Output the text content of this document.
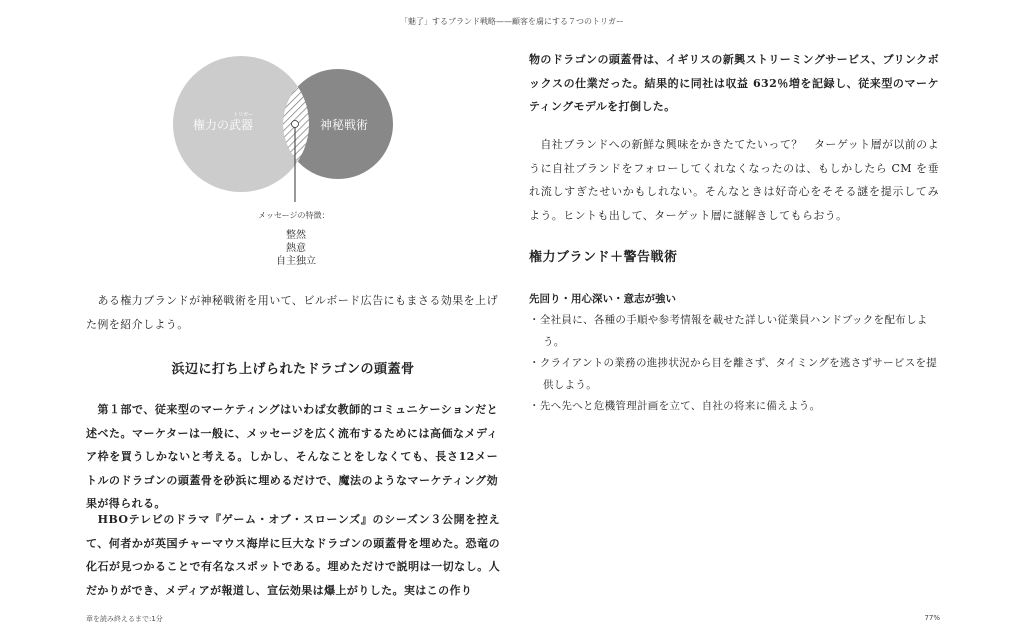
「魅了」するブランド戦略——顧客を虜にする７つのトリガー
トリガー
権力の武器	神秘戦術
メッセージの特徴：
整然
熱意
自主独立

　ある権力ブランドが神秘戦術を用いて、ビルボード広告にもまさる効果を上げた例を紹介しよう。

浜辺に打ち上げられたドラゴンの頭蓋骨

　第１部で、従来型のマーケティングはいわば女教師的コミュニケーションだと述べた。マーケターは一般に、メッセージを広く流布するためには高価なメディア枠を買うしかないと考える。しかし、そんなことをしなくても、長さ12メートルのドラゴンの頭蓋骨を砂浜に埋めるだけで、魔法のようなマーケティング効果が得られる。

　HBOテレビのドラマ『ゲーム・オブ・スローンズ』のシーズン３公開を控えて、何者かが英国チャーマウス海岸に巨大なドラゴンの頭蓋骨を埋めた。恐竜の化石が見つかることで有名なスポットである。埋めただけで説明は一切なし。人だかりができ、メディアが報道し、宣伝効果は爆上がりした。実はこの作り

物のドラゴンの頭蓋骨は、イギリスの新興ストリーミングサービス、ブリンクボックスの仕業だった。結果的に同社は収益 632％増を記録し、従来型のマーケティングモデルを打倒した。

　自社ブランドへの新鮮な興味をかきたてたいって？　ターゲット層が以前のように自社ブランドをフォローしてくれなくなったのは、もしかしたら CM を垂れ流しすぎたせいかもしれない。そんなときは好奇心をそそる謎を提示してみよう。ヒントも出して、ターゲット層に謎解きしてもらおう。

権力ブランド＋警告戦術
先回り・用心深い・意志が強い
・ 全社員に、各種の手順や参考情報を載せた詳しい従業員ハンドブックを配布しよう。
・ クライアントの業務の進捗状況から目を離さず、タイミングを逃さずサービスを提供しよう。
・ 先へ先へと危機管理計画を立て、自社の将来に備えよう。
章を読み終えるまで:1分	77%
